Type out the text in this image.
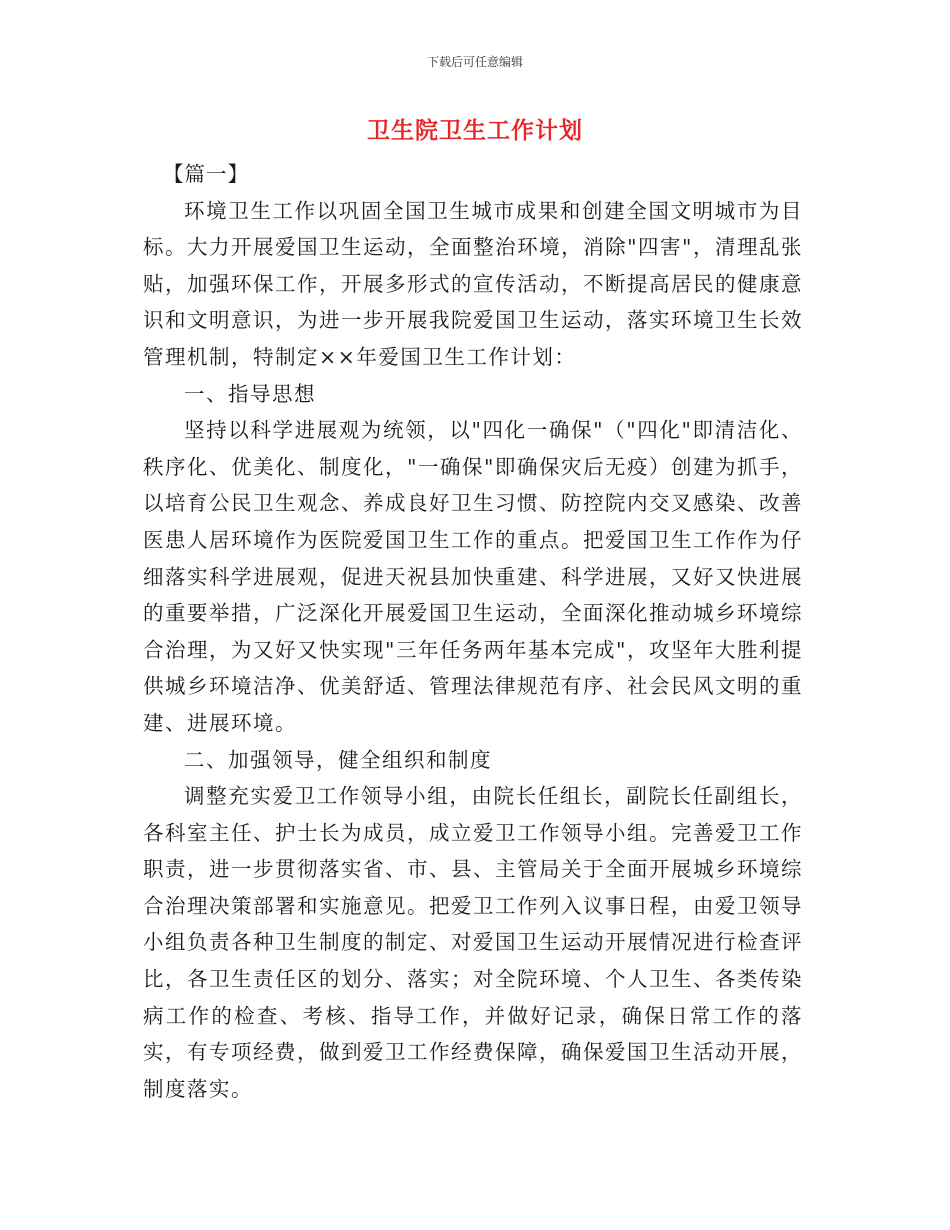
下载后可任意编辑
卫生院卫生工作计划

【篇一】

环境卫生工作以巩固全国卫生城市成果和创建全国文明城市为目标。大力开展爱国卫生运动，全面整治环境，消除"四害"，清理乱张贴，加强环保工作，开展多形式的宣传活动，不断提高居民的健康意识和文明意识，为进一步开展我院爱国卫生运动，落实环境卫生长效管理机制，特制定××年爱国卫生工作计划：

一、指导思想

坚持以科学进展观为统领，以"四化一确保"（"四化"即清洁化、秩序化、优美化、制度化，"一确保"即确保灾后无疫）创建为抓手，以培育公民卫生观念、养成良好卫生习惯、防控院内交叉感染、改善医患人居环境作为医院爱国卫生工作的重点。把爱国卫生工作作为仔细落实科学进展观，促进天祝县加快重建、科学进展，又好又快进展的重要举措，广泛深化开展爱国卫生运动，全面深化推动城乡环境综合治理，为又好又快实现"三年任务两年基本完成"，攻坚年大胜利提供城乡环境洁净、优美舒适、管理法律规范有序、社会民风文明的重建、进展环境。

二、加强领导，健全组织和制度

调整充实爱卫工作领导小组，由院长任组长，副院长任副组长，各科室主任、护士长为成员，成立爱卫工作领导小组。完善爱卫工作职责，进一步贯彻落实省、市、县、主管局关于全面开展城乡环境综合治理决策部署和实施意见。把爱卫工作列入议事日程，由爱卫领导小组负责各种卫生制度的制定、对爱国卫生运动开展情况进行检查评比，各卫生责任区的划分、落实；对全院环境、个人卫生、各类传染病工作的检查、考核、指导工作，并做好记录，确保日常工作的落实，有专项经费，做到爱卫工作经费保障，确保爱国卫生活动开展，制度落实。
